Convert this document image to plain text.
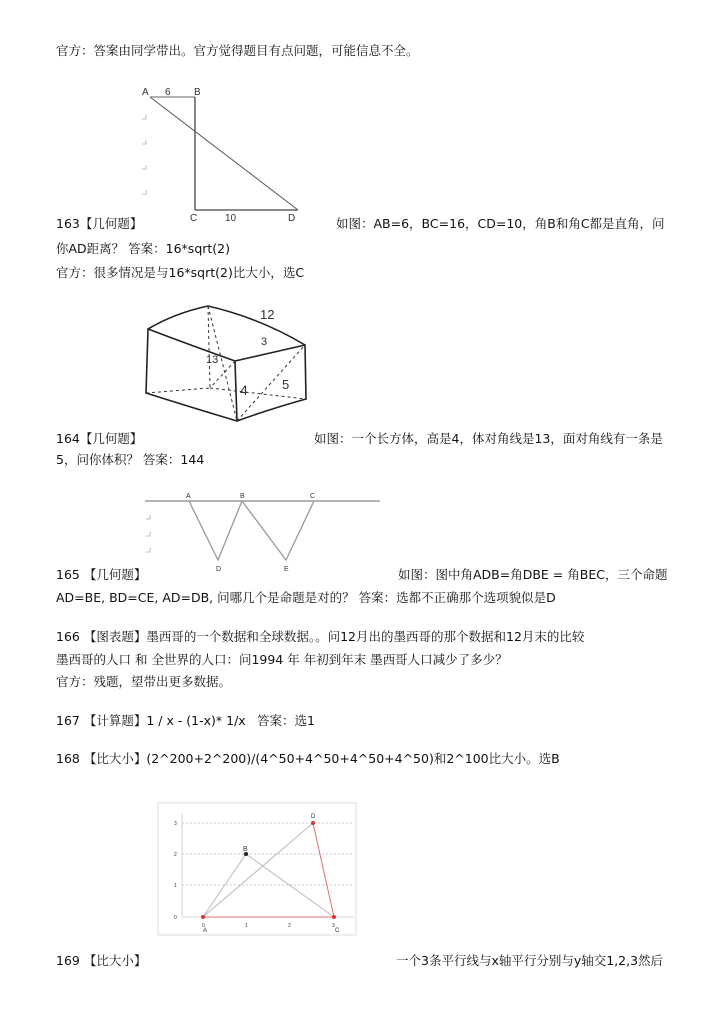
官方：答案由同学带出。官方觉得题目有点问题，可能信息不全。
A 6 B
C	10	D
163【几何题】	如图：AB=6，BC=16，CD=10，角B和角C都是直角，问
你AD距离？ 答案：16*sqrt(2)
官方：很多情况是与16*sqrt(2)比大小，选C
12
3
13
4	5
164【几何题】	如图：一个长方体，高是4，体对角线是13，面对角线有一条是
5，问你体积？ 答案：144
A	B	C
D	E
165 【几何题】	如图：图中角ADB=角DBE = 角BEC，三个命题
AD=BE, BD=CE, AD=DB, 问哪几个是命题是对的？ 答案：选都不正确那个选项貌似是D
166 【图表题】墨西哥的一个数据和全球数据。。问12月出的墨西哥的那个数据和12月末的比较
墨西哥的人口 和 全世界的人口：问1994 年 年初到年末 墨西哥人口减少了多少？
官方：残题，望带出更多数据。
167 【计算题】1 / x - (1-x)* 1/x 答案：选1
168 【比大小】(2^200+2^200)/(4^50+4^50+4^50+4^50)和2^100比大小。选B
3
2
1
0
0	1	2	3
A
B
C
D
169 【比大小】	一个3条平行线与x轴平行分别与y轴交1,2,3然后
